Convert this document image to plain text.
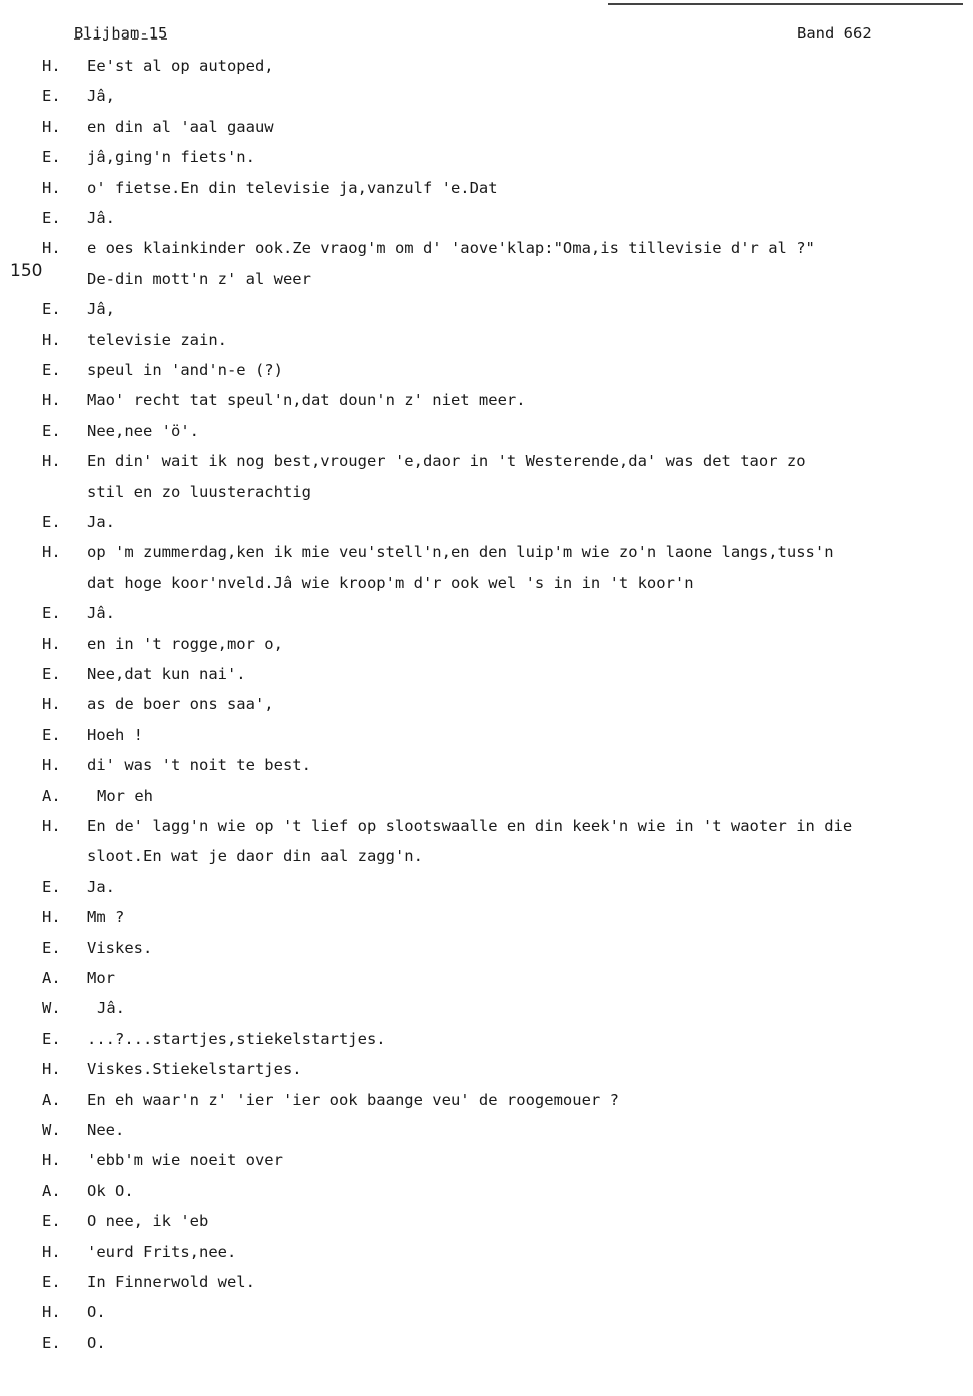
Blijham-15	Band 662
150
H. Ee'st al op autoped,
E. Jâ,
H. en din al 'aal gaauw
E. jâ,ging'n fiets'n.
H. o' fietse.En din televisie ja,vanzulf 'e.Dat
E. Jâ.
H. e oes klainkinder ook.Ze vraog'm om d' 'aove'klap:"Oma,is tillevisie d'r al ?"
De-din mott'n z' al weer
E. Jâ,
H. televisie zain.
E. speul in 'and'n-e (?)
H. Mao' recht tat speul'n,dat doun'n z' niet meer.
E. Nee,nee 'ö'.
H. En din' wait ik nog best,vrouger 'e,daor in 't Westerende,da' was det taor zo
stil en zo luusterachtig
E. Ja.
H. op 'm zummerdag,ken ik mie veu'stell'n,en den luip'm wie zo'n laone langs,tuss'n
dat hoge koor'nveld.Jâ wie kroop'm d'r ook wel 's in in 't koor'n
E. Jâ.
H. en in 't rogge,mor o,
E. Nee,dat kun nai'.
H. as de boer ons saa',
E. Hoeh !
H. di' was 't noit te best.
A. Mor eh
H. En de' lagg'n wie op 't lief op slootswaalle en din keek'n wie in 't waoter in die
sloot.En wat je daor din aal zagg'n.
E. Ja.
H. Mm ?
E. Viskes.
A. Mor
W. Jâ.
E. ...?...startjes,stiekelstartjes.
H. Viskes.Stiekelstartjes.
A. En eh waar'n z' 'ier 'ier ook baange veu' de roogemouer ?
W. Nee.
H. 'ebb'm wie noeit over
A. Ok O.
E. O nee, ik 'eb
H. 'eurd Frits,nee.
E. In Finnerwold wel.
H. O.
E. O.
